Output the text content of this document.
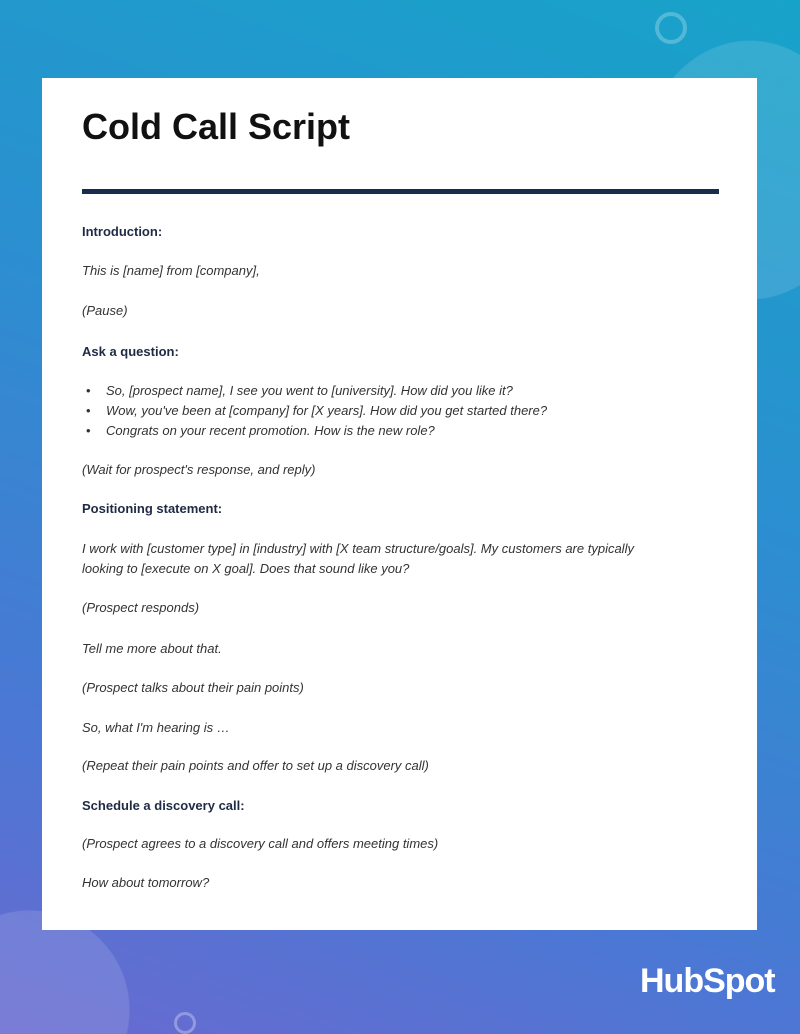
Cold Call Script
Introduction:
This is [name] from [company],
(Pause)
Ask a question:
• So, [prospect name], I see you went to [university]. How did you like it?
• Wow, you've been at [company] for [X years]. How did you get started there?
• Congrats on your recent promotion. How is the new role?
(Wait for prospect's response, and reply)
Positioning statement:
I work with [customer type] in [industry] with [X team structure/goals]. My customers are typically
looking to [execute on X goal]. Does that sound like you?
(Prospect responds)
Tell me more about that.
(Prospect talks about their pain points)
So, what I'm hearing is …
(Repeat their pain points and offer to set up a discovery call)
Schedule a discovery call:
(Prospect agrees to a discovery call and offers meeting times)
How about tomorrow?
HubSpot
